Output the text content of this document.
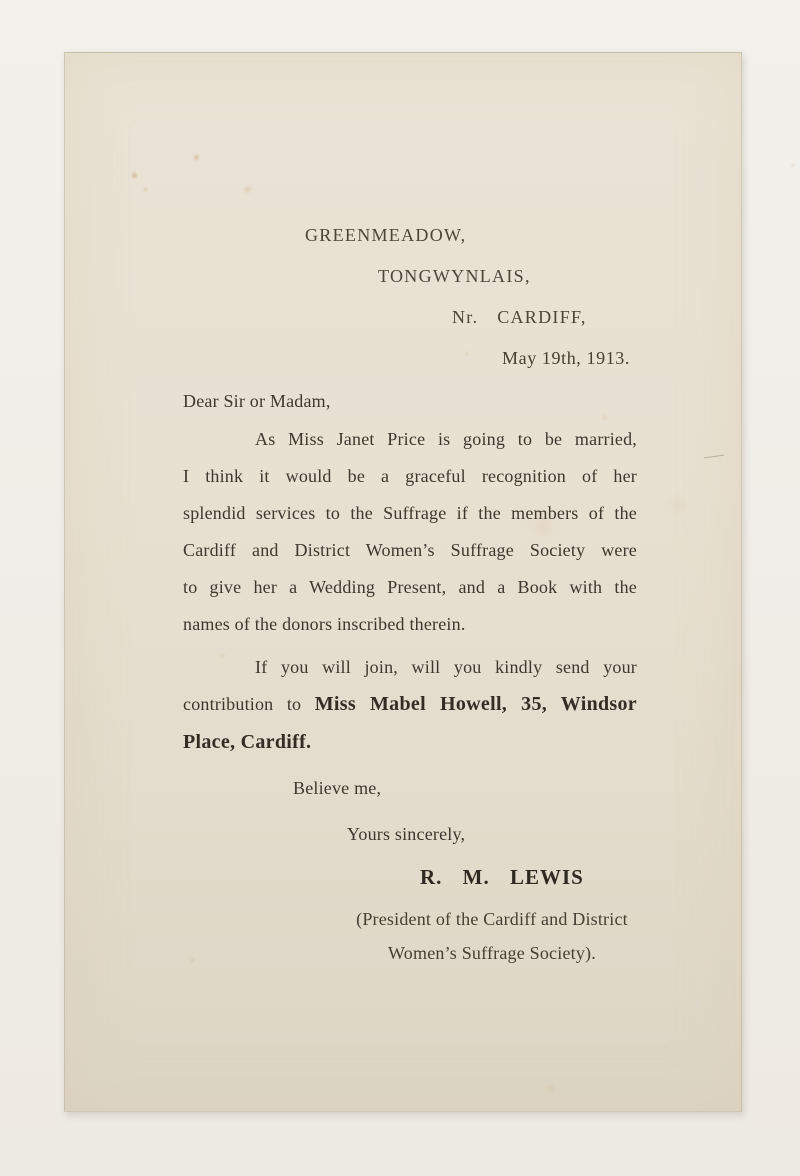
GREENMEADOW,
TONGWYNLAIS,
Nr. CARDIFF,
May 19th, 1913.
Dear Sir or Madam,
As Miss Janet Price is going to be married,
I think it would be a graceful recognition of her
splendid services to the Suffrage if the members of the
Cardiff and District Women’s Suffrage Society were
to give her a Wedding Present, and a Book with the
names of the donors inscribed therein.
If you will join, will you kindly send your
contribution to Miss Mabel Howell, 35, Windsor
Place, Cardiff.
Believe me,
Yours sincerely,
R. M. LEWIS
(President of the Cardiff and District
Women’s Suffrage Society).
